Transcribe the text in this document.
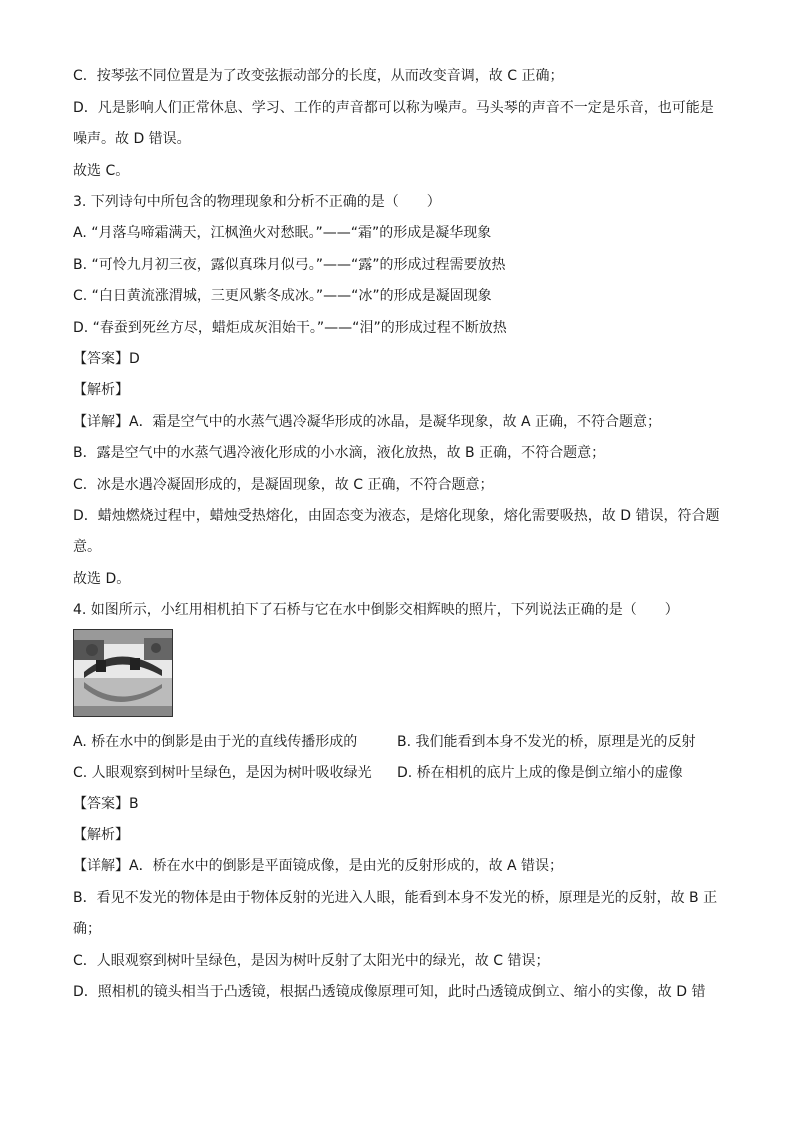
C．按琴弦不同位置是为了改变弦振动部分的长度，从而改变音调，故 C 正确；
D．凡是影响人们正常休息、学习、工作的声音都可以称为噪声。马头琴的声音不一定是乐音，也可能是
噪声。故 D 错误。
故选 C。
3. 下列诗句中所包含的物理现象和分析不正确的是（　　）
A. “月落乌啼霜满天，江枫渔火对愁眠。”——“霜”的形成是凝华现象
B. “可怜九月初三夜，露似真珠月似弓。”——“露”的形成过程需要放热
C. “白日黄流涨渭城，三更风紫冬成冰。”——“冰”的形成是凝固现象
D. “春蚕到死丝方尽，蜡炬成灰泪始干。”——“泪”的形成过程不断放热
【答案】D
【解析】
【详解】A．霜是空气中的水蒸气遇冷凝华形成的冰晶，是凝华现象，故 A 正确，不符合题意；
B．露是空气中的水蒸气遇冷液化形成的小水滴，液化放热，故 B 正确，不符合题意；
C．冰是水遇冷凝固形成的，是凝固现象，故 C 正确，不符合题意；
D．蜡烛燃烧过程中，蜡烛受热熔化，由固态变为液态，是熔化现象，熔化需要吸热，故 D 错误，符合题
意。
故选 D。
4. 如图所示，小红用相机拍下了石桥与它在水中倒影交相辉映的照片，下列说法正确的是（　　）
A. 桥在水中的倒影是由于光的直线传播形成的	B. 我们能看到本身不发光的桥，原理是光的反射
C. 人眼观察到树叶呈绿色，是因为树叶吸收绿光 D. 桥在相机的底片上成的像是倒立缩小的虚像
【答案】B
【解析】
【详解】A．桥在水中的倒影是平面镜成像，是由光的反射形成的，故 A 错误；
B．看见不发光的物体是由于物体反射的光进入人眼，能看到本身不发光的桥，原理是光的反射，故 B 正
确；
C．人眼观察到树叶呈绿色，是因为树叶反射了太阳光中的绿光，故 C 错误；
D．照相机的镜头相当于凸透镜，根据凸透镜成像原理可知，此时凸透镜成倒立、缩小的实像，故 D 错
